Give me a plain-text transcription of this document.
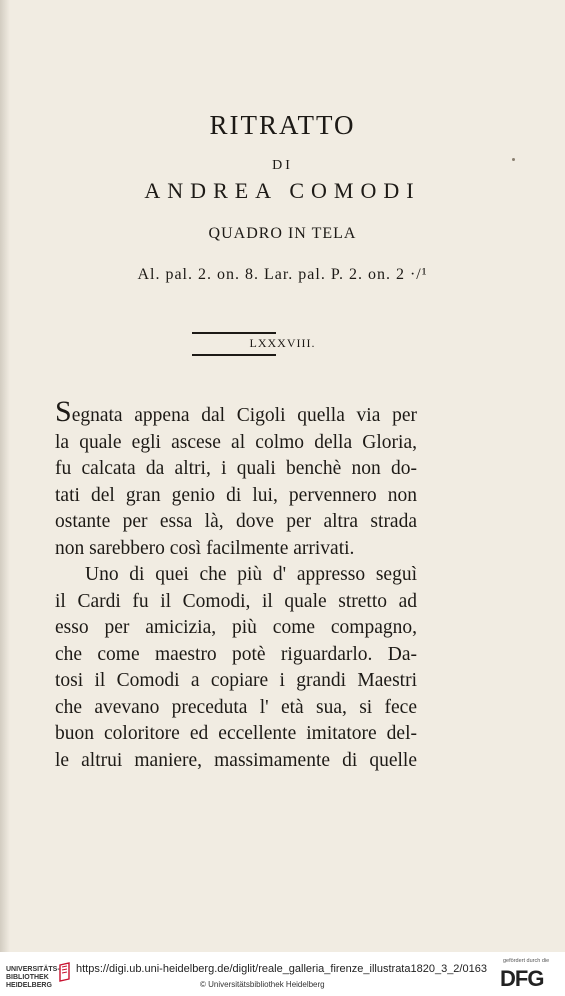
RITRATTO
DI
ANDREA COMODI
QUADRO IN TELA
Al. pal. 2. on. 8. Lar. pal. P. 2. on. 2 ·/¹
LXXXVIII.
Segnata appena dal Cigoli quella via per
la quale egli ascese al colmo della Gloria,
fu calcata da altri, i quali benchè non do-
tati del gran genio di lui, pervennero non
ostante per essa là, dove per altra strada
non sarebbero così facilmente arrivati.
Uno di quei che più d' appresso seguì
il Cardi fu il Comodi, il quale stretto ad
esso per amicizia, più come compagno,
che come maestro potè riguardarlo. Da-
tosi il Comodi a copiare i grandi Maestri
che avevano preceduta l' età sua, si fece
buon coloritore ed eccellente imitatore del-
le altrui maniere, massimamente di quelle
UNIVERSITÄTS-
BIBLIOTHEK
HEIDELBERG
https://digi.ub.uni-heidelberg.de/diglit/reale_galleria_firenze_illustrata1820_3_2/0163
© Universitätsbibliothek Heidelberg
gefördert durch die
DFG
